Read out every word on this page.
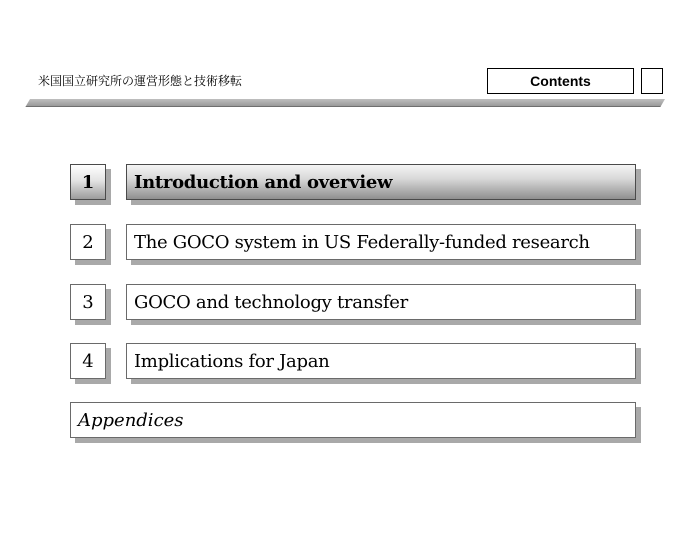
米国国立研究所の運営形態と技術移転	Contents
1	Introduction and overview
2	The GOCO system in US Federally-funded research
3	GOCO and technology transfer
4	Implications for Japan
Appendices
